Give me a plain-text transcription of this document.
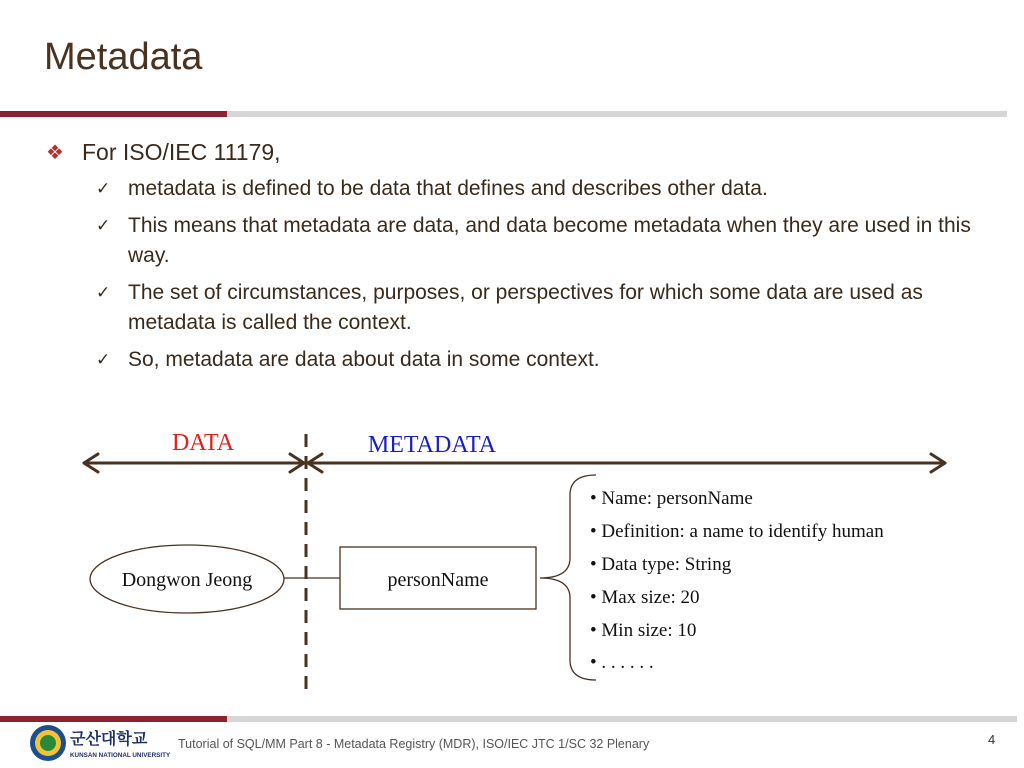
Metadata
❖ For ISO/IEC 11179,
✓ metadata is defined to be data that defines and describes other data.
✓ This means that metadata are data, and data become metadata when they are used in this way.
✓ The set of circumstances, purposes, or perspectives for which some data are used as metadata is called the context.
✓ So, metadata are data about data in some context.
DATA	METADATA
Dongwon Jeong	personName
• Name: personName
• Definition: a name to identify human
• Data type: String
• Max size: 20
• Min size: 10
• . . . . . .
군산대학교
KUNSAN NATIONAL UNIVERSITY
Tutorial of SQL/MM Part 8 - Metadata Registry (MDR), ISO/IEC JTC 1/SC 32 Plenary	4
